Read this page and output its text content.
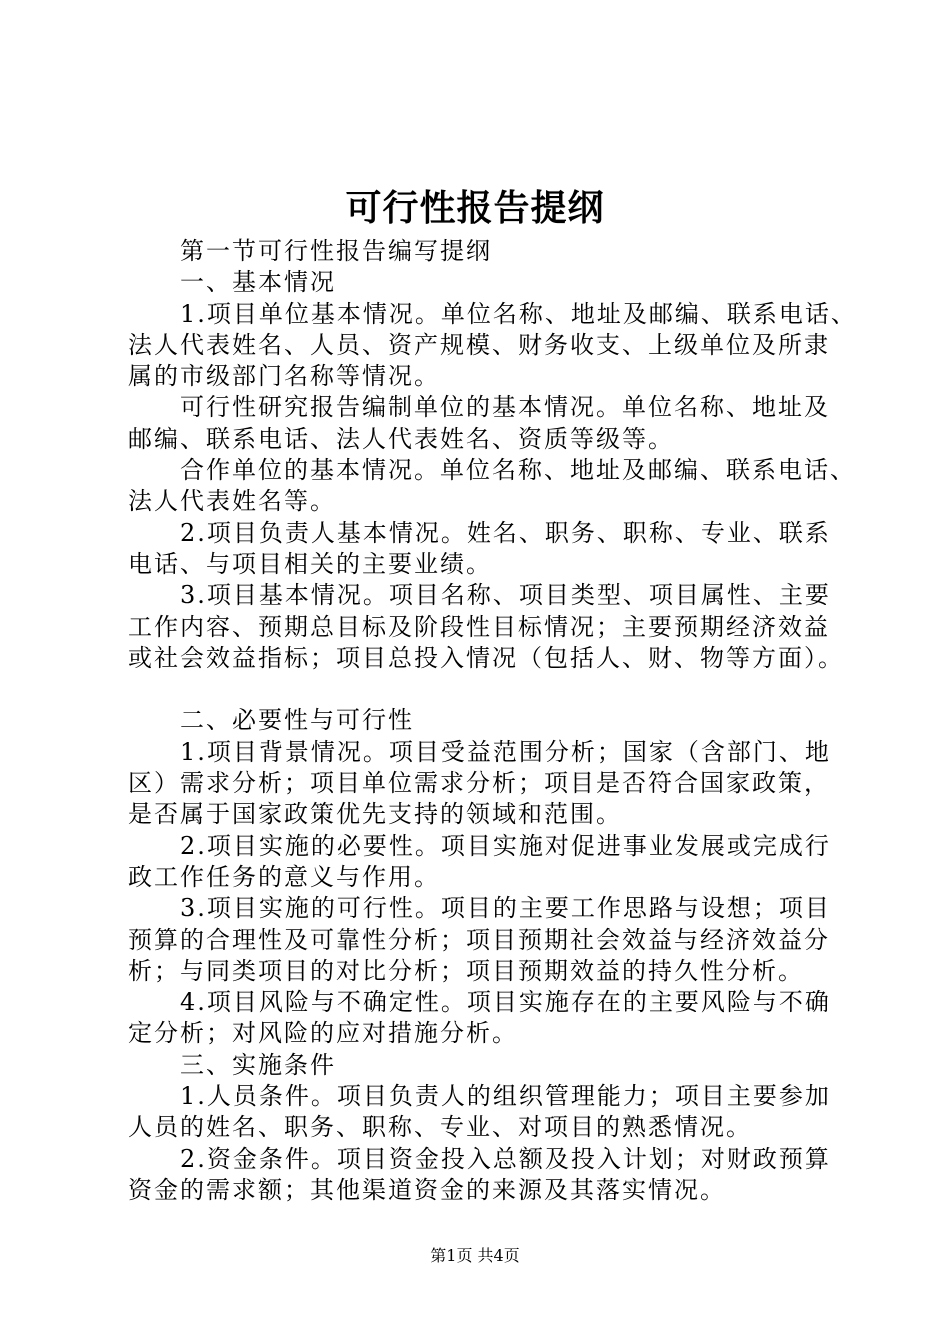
可行性报告提纲
第一节可行性报告编写提纲
一、基本情况
1.项目单位基本情况。单位名称、地址及邮编、联系电话、
法人代表姓名、人员、资产规模、财务收支、上级单位及所隶
属的市级部门名称等情况。
可行性研究报告编制单位的基本情况。单位名称、地址及
邮编、联系电话、法人代表姓名、资质等级等。
合作单位的基本情况。单位名称、地址及邮编、联系电话、
法人代表姓名等。
2.项目负责人基本情况。姓名、职务、职称、专业、联系
电话、与项目相关的主要业绩。
3.项目基本情况。项目名称、项目类型、项目属性、主要
工作内容、预期总目标及阶段性目标情况；主要预期经济效益
或社会效益指标；项目总投入情况（包括人、财、物等方面）。
二、必要性与可行性
1.项目背景情况。项目受益范围分析；国家（含部门、地
区）需求分析；项目单位需求分析；项目是否符合国家政策，
是否属于国家政策优先支持的领域和范围。
2.项目实施的必要性。项目实施对促进事业发展或完成行
政工作任务的意义与作用。
3.项目实施的可行性。项目的主要工作思路与设想；项目
预算的合理性及可靠性分析；项目预期社会效益与经济效益分
析；与同类项目的对比分析；项目预期效益的持久性分析。
4.项目风险与不确定性。项目实施存在的主要风险与不确
定分析；对风险的应对措施分析。
三、实施条件
1.人员条件。项目负责人的组织管理能力；项目主要参加
人员的姓名、职务、职称、专业、对项目的熟悉情况。
2.资金条件。项目资金投入总额及投入计划；对财政预算
资金的需求额；其他渠道资金的来源及其落实情况。
第1页 共4页
